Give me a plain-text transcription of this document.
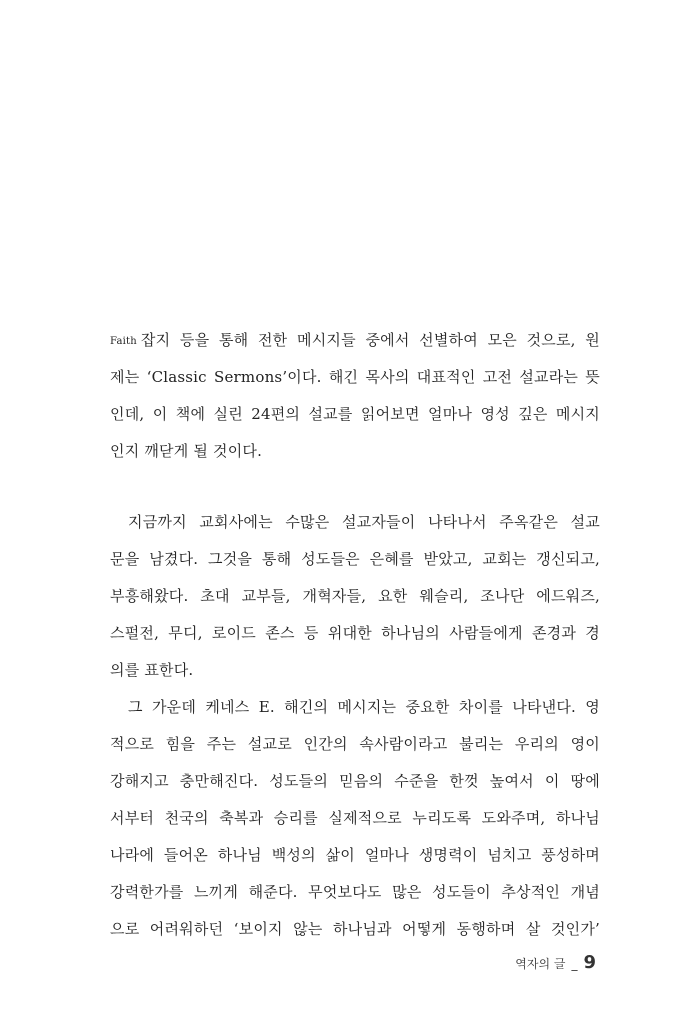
Faith 잡지 등을 통해 전한 메시지들 중에서 선별하여 모은 것으로, 원
제는 ‘Classic Sermons’이다. 해긴 목사의 대표적인 고전 설교라는 뜻
인데, 이 책에 실린 24편의 설교를 읽어보면 얼마나 영성 깊은 메시지
인지 깨닫게 될 것이다.
지금까지 교회사에는 수많은 설교자들이 나타나서 주옥같은 설교
문을 남겼다. 그것을 통해 성도들은 은혜를 받았고, 교회는 갱신되고,
부흥해왔다. 초대 교부들, 개혁자들, 요한 웨슬리, 조나단 에드워즈,
스펄전, 무디, 로이드 존스 등 위대한 하나님의 사람들에게 존경과 경
의를 표한다.
그 가운데 케네스 E. 해긴의 메시지는 중요한 차이를 나타낸다. 영
적으로 힘을 주는 설교로 인간의 속사람이라고 불리는 우리의 영이
강해지고 충만해진다. 성도들의 믿음의 수준을 한껏 높여서 이 땅에
서부터 천국의 축복과 승리를 실제적으로 누리도록 도와주며, 하나님
나라에 들어온 하나님 백성의 삶이 얼마나 생명력이 넘치고 풍성하며
강력한가를 느끼게 해준다. 무엇보다도 많은 성도들이 추상적인 개념
으로 어려워하던 ‘보이지 않는 하나님과 어떻게 동행하며 살 것인가’
역자의 글 _ 9
